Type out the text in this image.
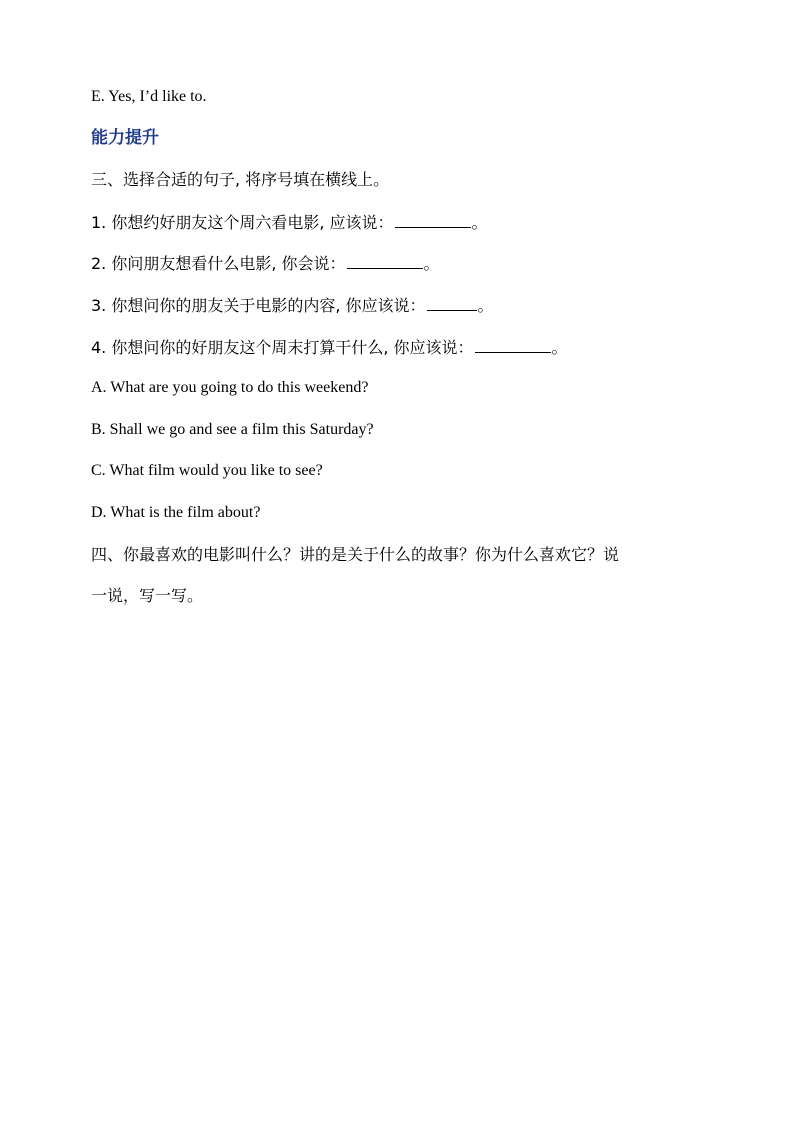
E. Yes, I’d like to.
能力提升
三、选择合适的句子, 将序号填在横线上。
1. 你想约好朋友这个周六看电影, 应该说：	。
2. 你问朋友想看什么电影, 你会说：	。
3. 你想问你的朋友关于电影的内容, 你应该说：	。
4. 你想问你的好朋友这个周末打算干什么, 你应该说：	。
A. What are you going to do this weekend?
B. Shall we go and see a film this Saturday?
C. What film would you like to see?
D. What is the film about?
四、你最喜欢的电影叫什么？讲的是关于什么的故事？你为什么喜欢它？说
一说，写一写。
